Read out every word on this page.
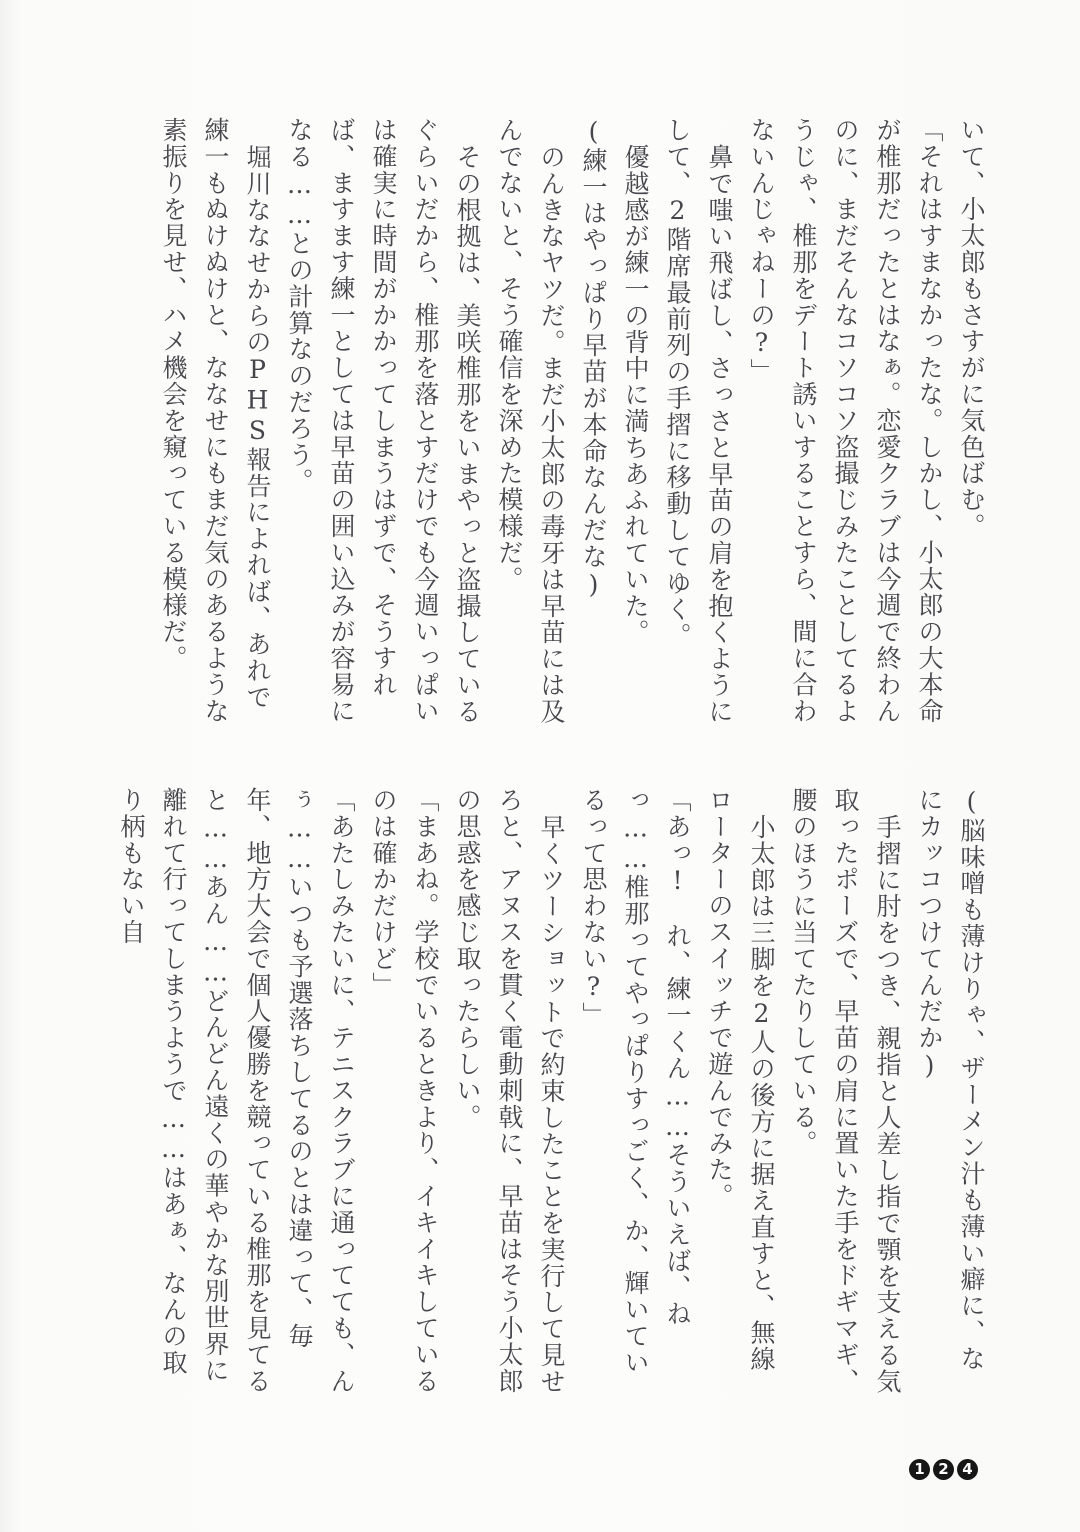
いて、小太郎もさすがに気色ばむ。

「それはすまなかったな。しかし、小太郎の大本命が椎那だったとはなぁ。恋愛クラブは今週で終わんのに、まだそんなコソコソ盗撮じみたことしてるようじゃ、椎那をデート誘いすることすら、間に合わないんじゃねーの?」

鼻で嗤い飛ばし、さっさと早苗の肩を抱くようにして、2階席最前列の手摺に移動してゆく。

優越感が練一の背中に満ちあふれていた。

(練一はやっぱり早苗が本命なんだな)

のんきなヤツだ。まだ小太郎の毒牙は早苗には及んでないと、そう確信を深めた模様だ。

その根拠は、美咲椎那をいまやっと盗撮しているぐらいだから、椎那を落とすだけでも今週いっぱいは確実に時間がかかってしまうはずで、そうすれば、ますます練一としては早苗の囲い込みが容易になる……との計算なのだろう。

堀川ななせからのPHS報告によれば、あれで練一もぬけぬけと、ななせにもまだ気のあるような素振りを見せ、ハメ機会を窺っている模様だ。

(脳味噌も薄けりゃ、ザーメン汁も薄い癖に、なにカッコつけてんだか)

手摺に肘をつき、親指と人差し指で顎を支える気取ったポーズで、早苗の肩に置いた手をドギマギ、腰のほうに当てたりしている。

小太郎は三脚を2人の後方に据え直すと、無線ローターのスイッチで遊んでみた。

「あっ!　れ、練一くん……そういえば、ねっ……椎那ってやっぱりすっごく、か、輝いているって思わない?」

早くツーショットで約束したことを実行して見せろと、アヌスを貫く電動刺戟に、早苗はそう小太郎の思惑を感じ取ったらしい。

「まあね。学校でいるときより、イキイキしているのは確かだけど」

「あたしみたいに、テニスクラブに通ってても、んぅ……いつも予選落ちしてるのとは違って、毎年、地方大会で個人優勝を競っている椎那を見てると……あん……どんどん遠くの華やかな別世界に離れて行ってしまうようで……はあぁ、なんの取り柄もない自

1 2 4
